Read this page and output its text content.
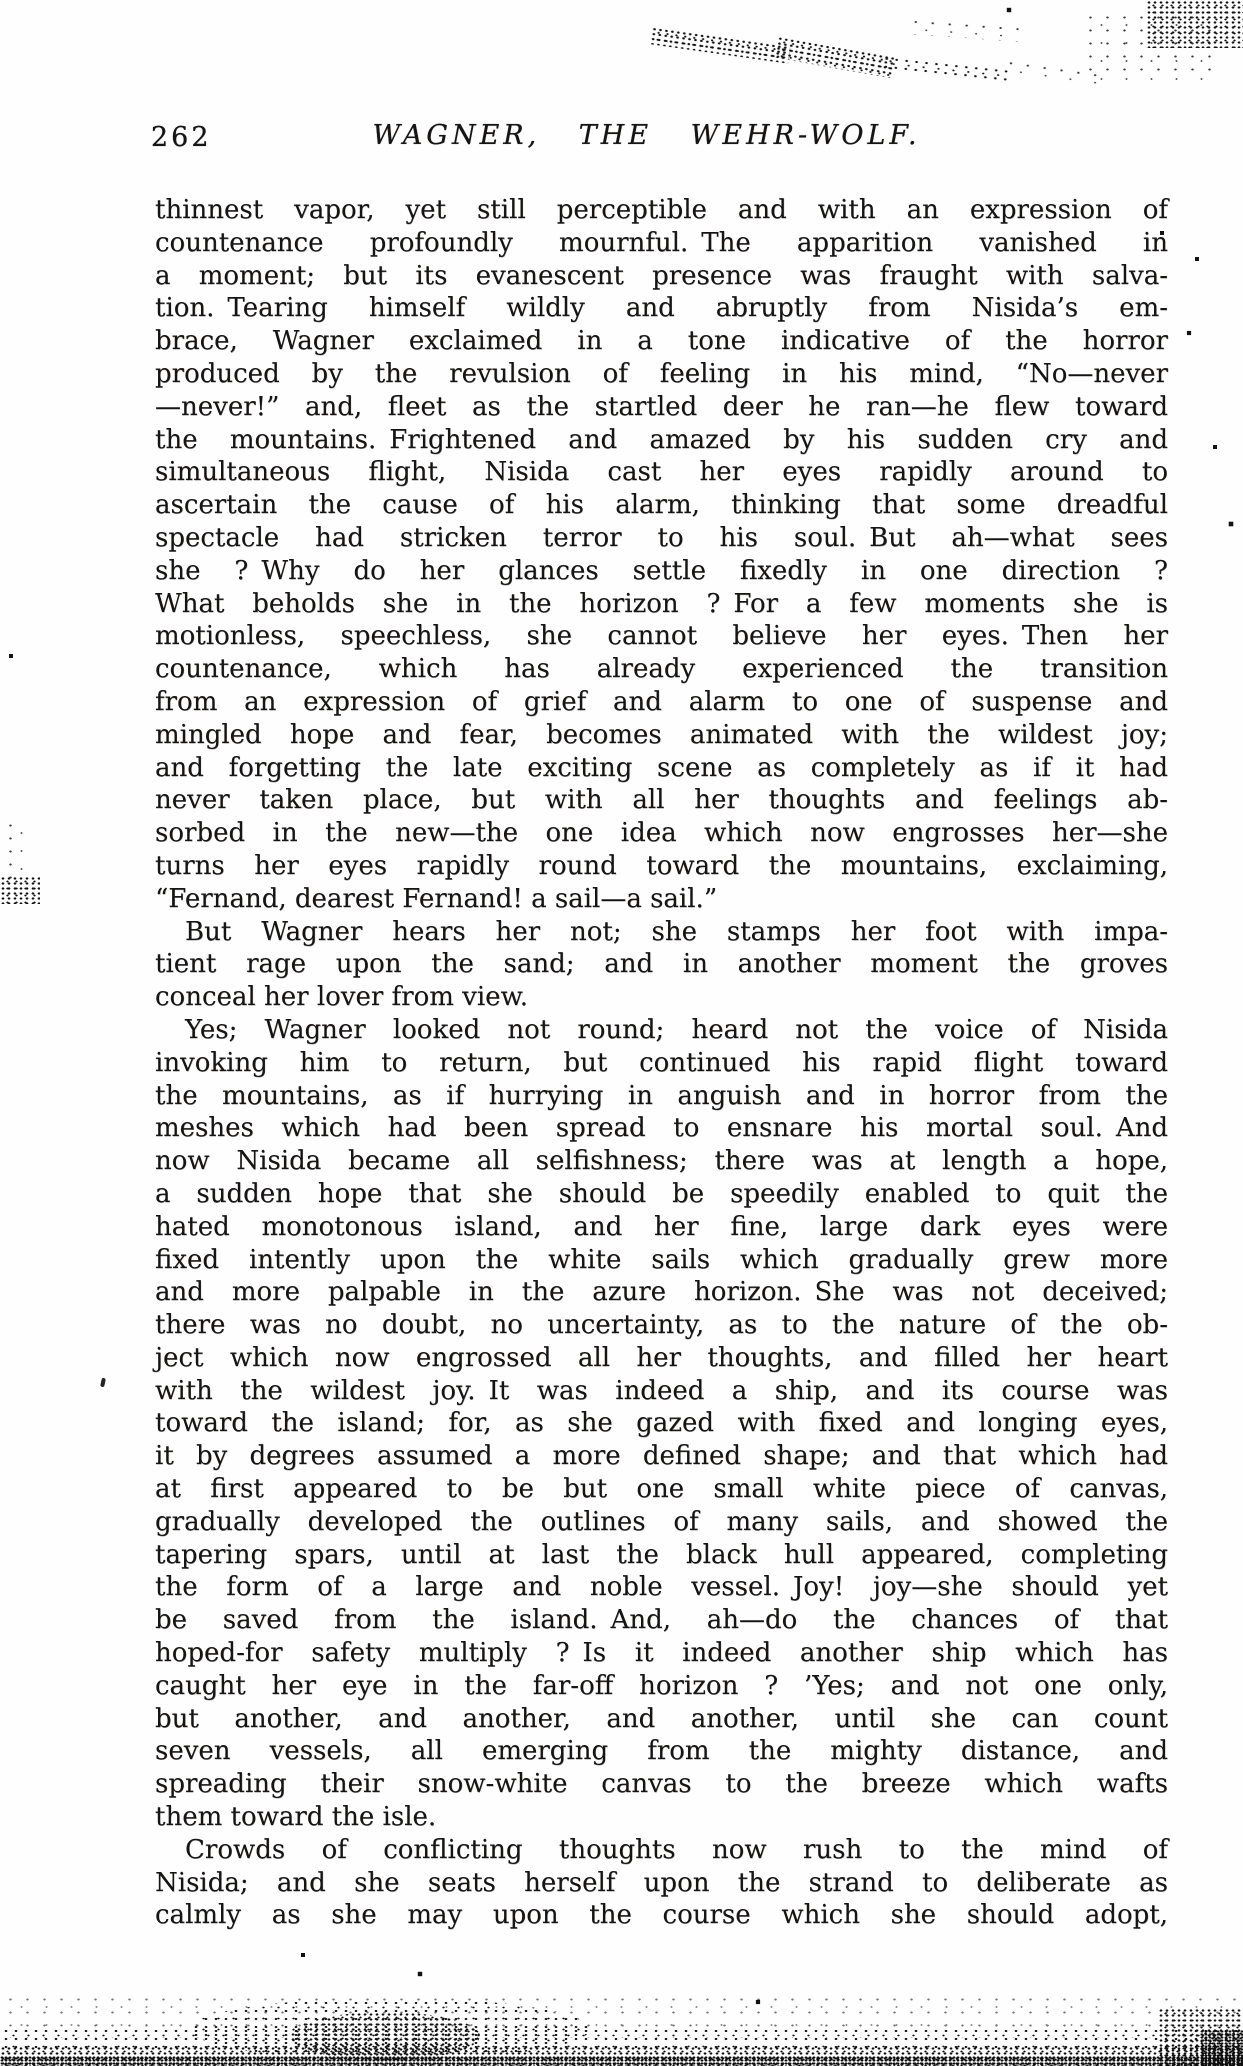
262	WAGNER, THE WEHR-WOLF.
thinnest vapor, yet still perceptible and with an expression of
countenance profoundly mournful. The apparition vanished in
a moment; but its evanescent presence was fraught with salva-
tion. Tearing himself wildly and abruptly from Nisida’s em-
brace, Wagner exclaimed in a tone indicative of the horror
produced by the revulsion of feeling in his mind, “No—never
—never!” and, fleet as the startled deer he ran—he flew toward
the mountains. Frightened and amazed by his sudden cry and
simultaneous flight, Nisida cast her eyes rapidly around to
ascertain the cause of his alarm, thinking that some dreadful
spectacle had stricken terror to his soul. But ah—what sees
she ? Why do her glances settle fixedly in one direction ?
What beholds she in the horizon ? For a few moments she is
motionless, speechless, she cannot believe her eyes. Then her
countenance, which has already experienced the transition
from an expression of grief and alarm to one of suspense and
mingled hope and fear, becomes animated with the wildest joy;
and forgetting the late exciting scene as completely as if it had
never taken place, but with all her thoughts and feelings ab-
sorbed in the new—the one idea which now engrosses her—she
turns her eyes rapidly round toward the mountains, exclaiming,
“Fernand, dearest Fernand! a sail—a sail.”
But Wagner hears her not; she stamps her foot with impa-
tient rage upon the sand; and in another moment the groves
conceal her lover from view.
Yes; Wagner looked not round; heard not the voice of Nisida
invoking him to return, but continued his rapid flight toward
the mountains, as if hurrying in anguish and in horror from the
meshes which had been spread to ensnare his mortal soul. And
now Nisida became all selfishness; there was at length a hope,
a sudden hope that she should be speedily enabled to quit the
hated monotonous island, and her fine, large dark eyes were
fixed intently upon the white sails which gradually grew more
and more palpable in the azure horizon. She was not deceived;
there was no doubt, no uncertainty, as to the nature of the ob-
ject which now engrossed all her thoughts, and filled her heart
with the wildest joy. It was indeed a ship, and its course was
toward the island; for, as she gazed with fixed and longing eyes,
it by degrees assumed a more defined shape; and that which had
at first appeared to be but one small white piece of canvas,
gradually developed the outlines of many sails, and showed the
tapering spars, until at last the black hull appeared, completing
the form of a large and noble vessel. Joy! joy—she should yet
be saved from the island. And, ah—do the chances of that
hoped-for safety multiply ? Is it indeed another ship which has
caught her eye in the far-off horizon ? ’Yes; and not one only,
but another, and another, and another, until she can count
seven vessels, all emerging from the mighty distance, and
spreading their snow-white canvas to the breeze which wafts
them toward the isle.
Crowds of conflicting thoughts now rush to the mind of
Nisida; and she seats herself upon the strand to deliberate as
calmly as she may upon the course which she should adopt,
